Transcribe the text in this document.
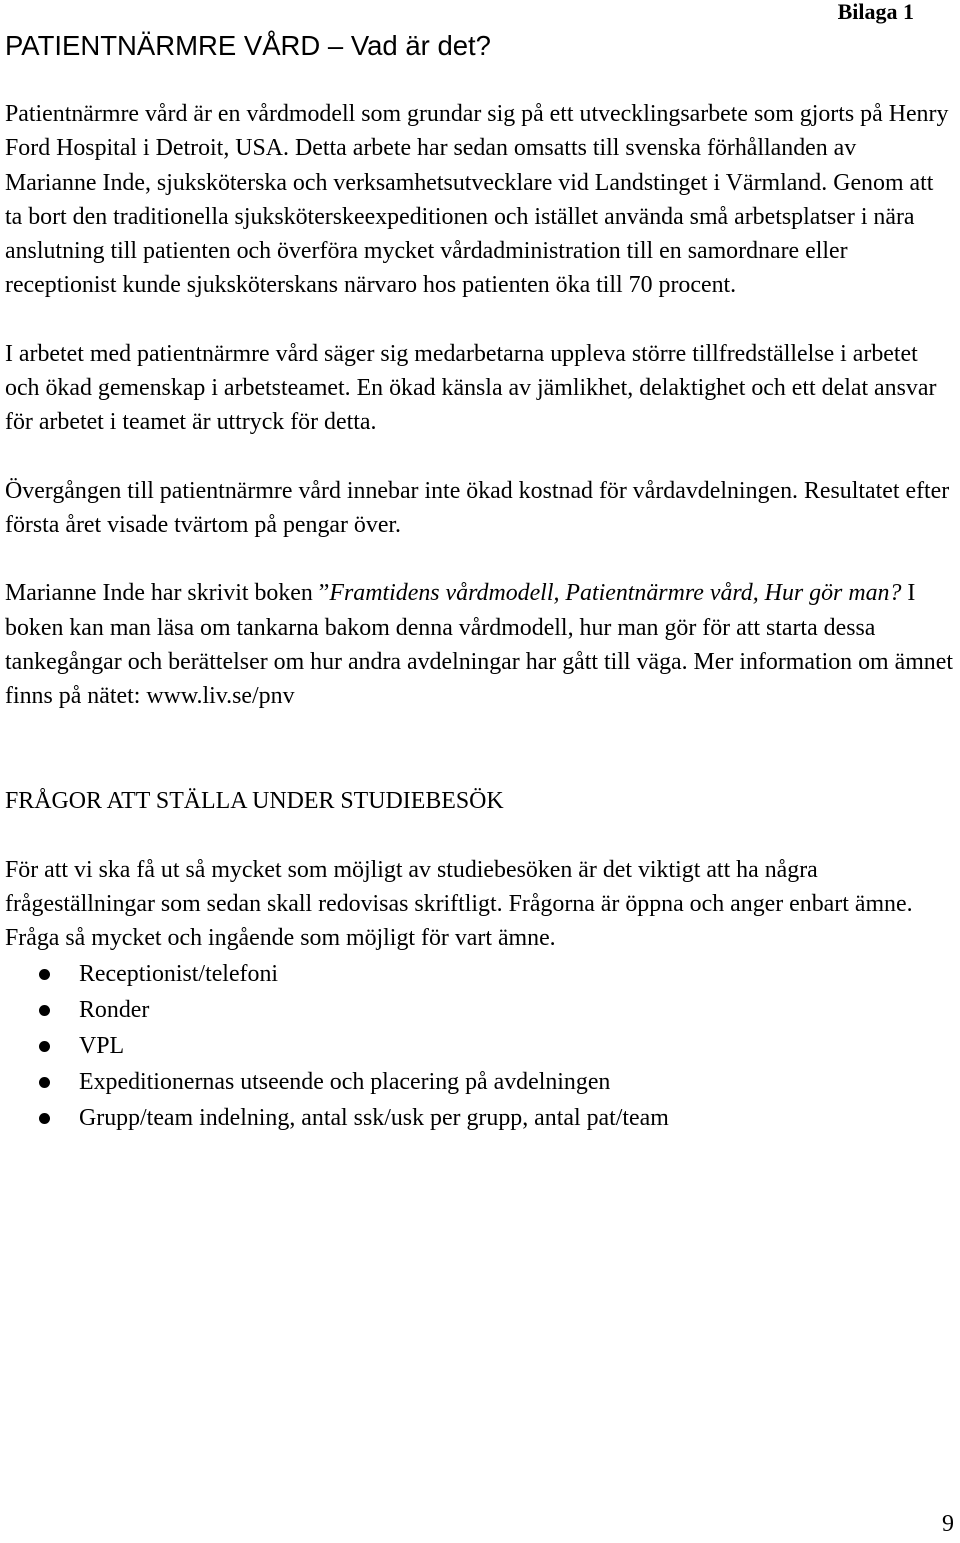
Bilaga 1
PATIENTNÄRMRE VÅRD – Vad är det?

Patientnärmre vård är en vårdmodell som grundar sig på ett utvecklingsarbete som gjorts på Henry Ford Hospital i Detroit, USA. Detta arbete har sedan omsatts till svenska förhållanden av Marianne Inde, sjuksköterska och verksamhetsutvecklare vid Landstinget i Värmland. Genom att ta bort den traditionella sjuksköterskeexpeditionen och istället använda små arbetsplatser i nära anslutning till patienten och överföra mycket vårdadministration till en samordnare eller receptionist kunde sjuksköterskans närvaro hos patienten öka till 70 procent.

I arbetet med patientnärmre vård säger sig medarbetarna uppleva större tillfredställelse i arbetet och ökad gemenskap i arbetsteamet. En ökad känsla av jämlikhet, delaktighet och ett delat ansvar för arbetet i teamet är uttryck för detta.

Övergången till patientnärmre vård innebar inte ökad kostnad för vårdavdelningen. Resultatet efter första året visade tvärtom på pengar över.

Marianne Inde har skrivit boken ”Framtidens vårdmodell, Patientnärmre vård, Hur gör man? I boken kan man läsa om tankarna bakom denna vårdmodell, hur man gör för att starta dessa tankegångar och berättelser om hur andra avdelningar har gått till väga. Mer information om ämnet finns på nätet: www.liv.se/pnv

FRÅGOR ATT STÄLLA UNDER STUDIEBESÖK

För att vi ska få ut så mycket som möjligt av studiebesöken är det viktigt att ha några frågeställningar som sedan skall redovisas skriftligt. Frågorna är öppna och anger enbart ämne. Fråga så mycket och ingående som möjligt för vart ämne.

Receptionist/telefoni
Ronder
VPL
Expeditionernas utseende och placering på avdelningen
Grupp/team indelning, antal ssk/usk per grupp, antal pat/team
9
